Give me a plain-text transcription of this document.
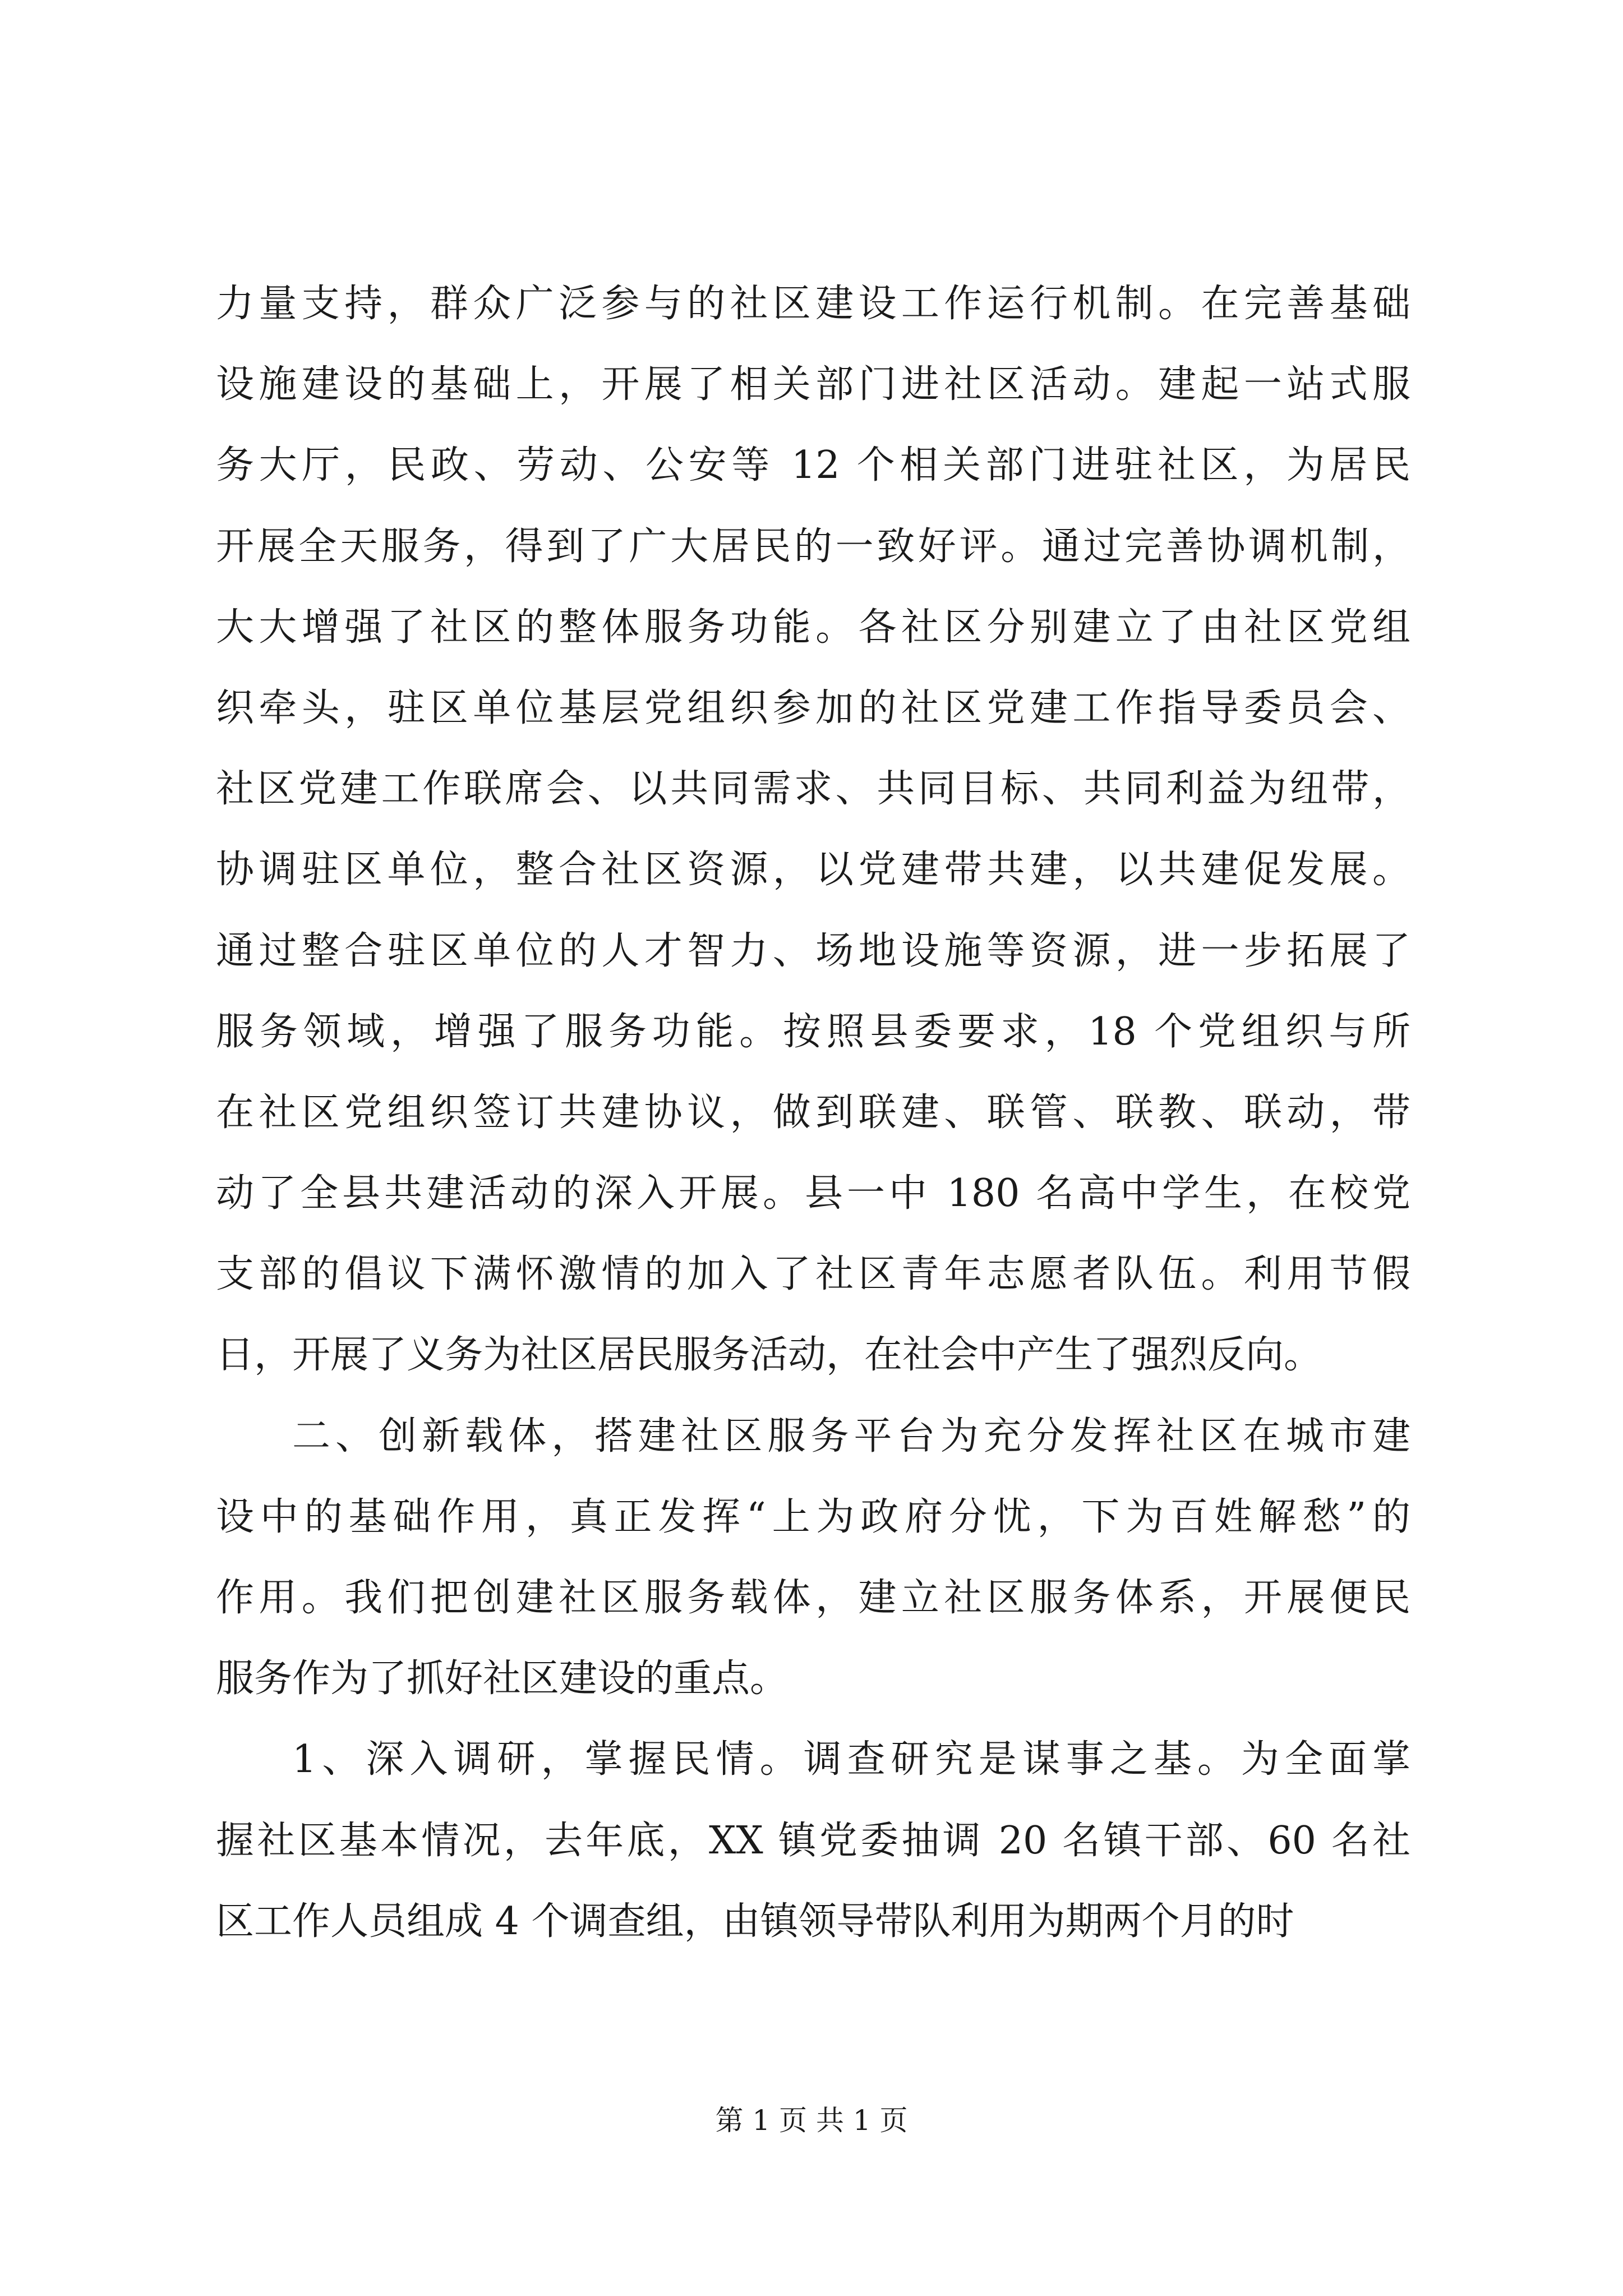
力量支持，群众广泛参与的社区建设工作运行机制。在完善基础
设施建设的基础上，开展了相关部门进社区活动。建起一站式服
务大厅，民政、劳动、公安等 12 个相关部门进驻社区，为居民
开展全天服务，得到了广大居民的一致好评。通过完善协调机制，
大大增强了社区的整体服务功能。各社区分别建立了由社区党组
织牵头，驻区单位基层党组织参加的社区党建工作指导委员会、
社区党建工作联席会、以共同需求、共同目标、共同利益为纽带，
协调驻区单位，整合社区资源，以党建带共建，以共建促发展。
通过整合驻区单位的人才智力、场地设施等资源，进一步拓展了
服务领域，增强了服务功能。按照县委要求，18 个党组织与所
在社区党组织签订共建协议，做到联建、联管、联教、联动，带
动了全县共建活动的深入开展。县一中 180 名高中学生，在校党
支部的倡议下满怀激情的加入了社区青年志愿者队伍。利用节假
日，开展了义务为社区居民服务活动，在社会中产生了强烈反向。
二、创新载体，搭建社区服务平台为充分发挥社区在城市建
设中的基础作用，真正发挥“上为政府分忧，下为百姓解愁”的
作用。我们把创建社区服务载体，建立社区服务体系，开展便民
服务作为了抓好社区建设的重点。
1、深入调研，掌握民情。调查研究是谋事之基。为全面掌
握社区基本情况，去年底，XX 镇党委抽调 20 名镇干部、60 名社
区工作人员组成 4 个调查组，由镇领导带队利用为期两个月的时
第 1 页 共 1 页
